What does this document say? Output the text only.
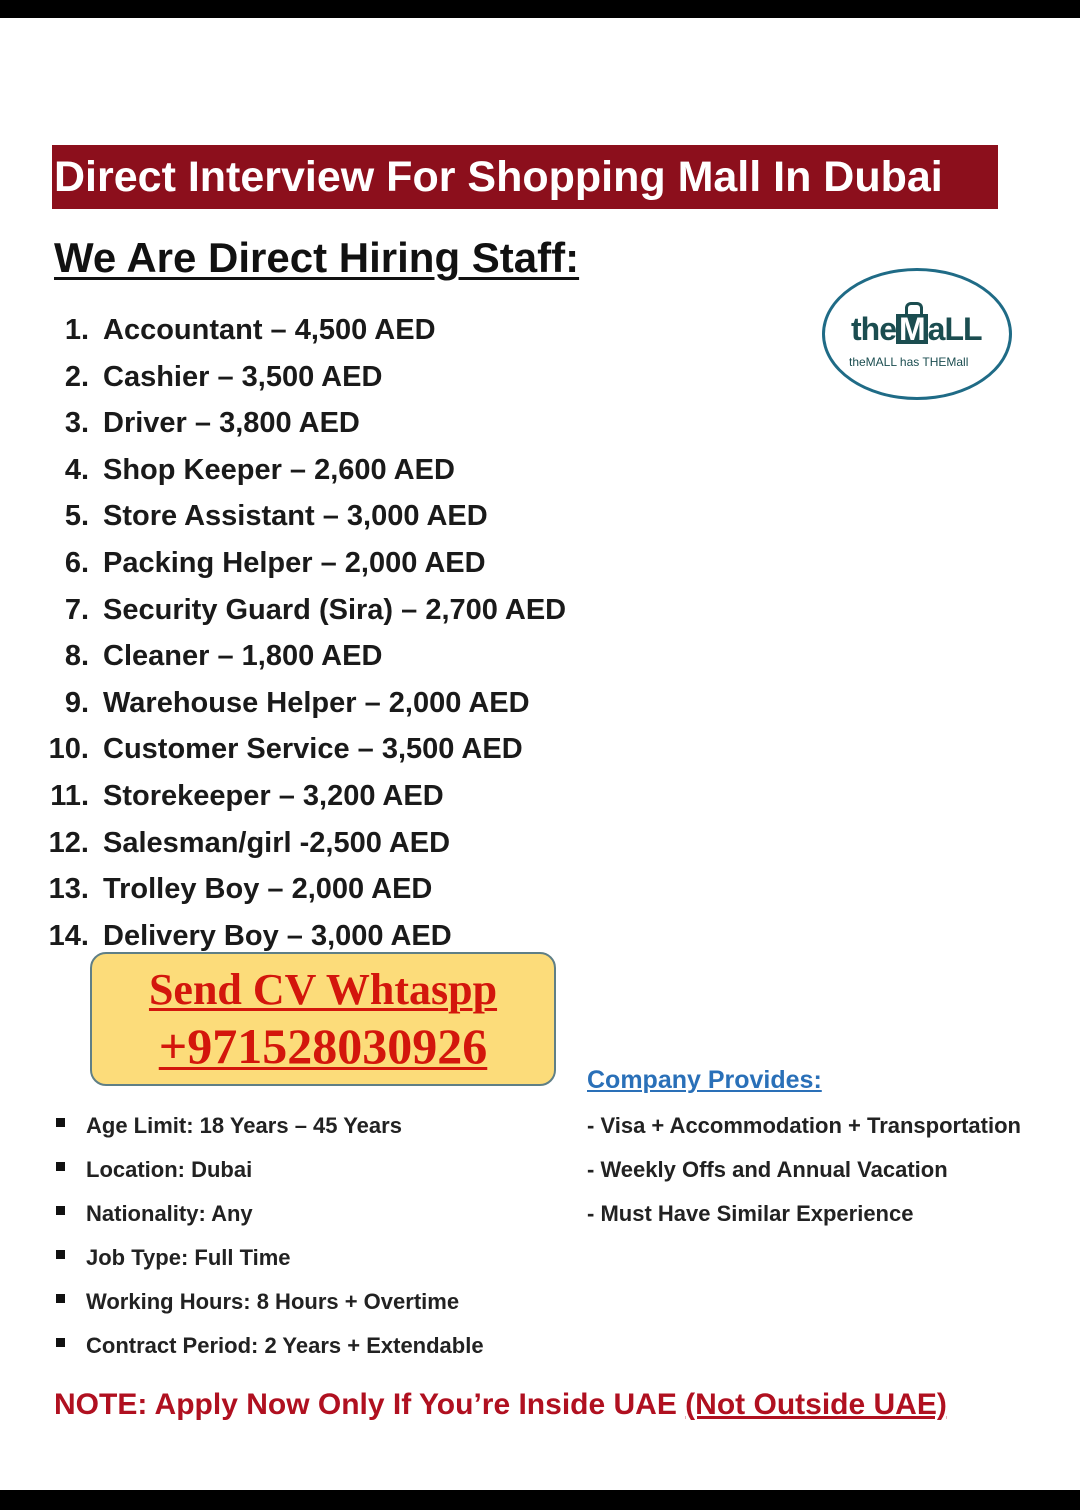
Direct Interview For Shopping Mall In Dubai
We Are Direct Hiring Staff:
theMaLL
theMALL has THEMall
1. Accountant – 4,500 AED
2. Cashier – 3,500 AED
3. Driver – 3,800 AED
4. Shop Keeper – 2,600 AED
5. Store Assistant – 3,000 AED
6. Packing Helper – 2,000 AED
7. Security Guard (Sira) – 2,700 AED
8. Cleaner – 1,800 AED
9. Warehouse Helper – 2,000 AED
10. Customer Service – 3,500 AED
11. Storekeeper – 3,200 AED
12. Salesman/girl -2,500 AED
13. Trolley Boy – 2,000 AED
14. Delivery Boy – 3,000 AED
Send CV Whtaspp
+971528030926
Company Provides:
- Visa + Accommodation + Transportation
- Weekly Offs and Annual Vacation
- Must Have Similar Experience
Age Limit: 18 Years – 45 Years
Location: Dubai
Nationality: Any
Job Type: Full Time
Working Hours: 8 Hours + Overtime
Contract Period: 2 Years + Extendable
NOTE: Apply Now Only If You’re Inside UAE (Not Outside UAE)
